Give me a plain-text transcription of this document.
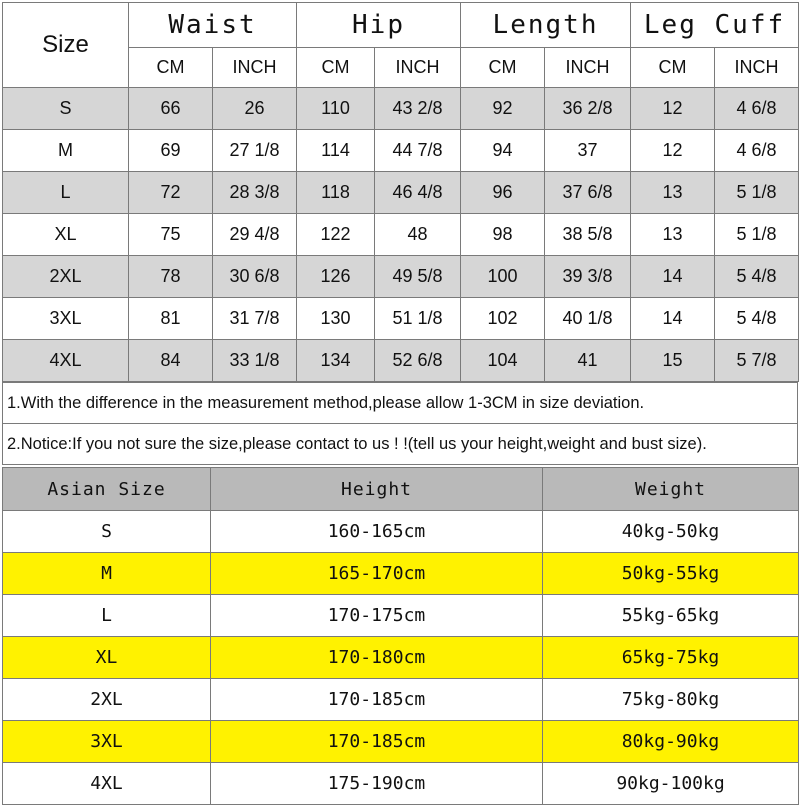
Size	Waist		Hip		Length		Leg Cuff	
	CM	INCH	CM	INCH	CM	INCH	CM	INCH
S	66	26	110	43 2/8	92	36 2/8	12	4 6/8
M	69	27 1/8	114	44 7/8	94	37	12	4 6/8
L	72	28 3/8	118	46 4/8	96	37 6/8	13	5 1/8
XL	75	29 4/8	122	48	98	38 5/8	13	5 1/8
2XL	78	30 6/8	126	49 5/8	100	39 3/8	14	5 4/8
3XL	81	31 7/8	130	51 1/8	102	40 1/8	14	5 4/8
4XL	84	33 1/8	134	52 6/8	104	41	15	5 7/8
1.With the difference in the measurement method,please allow 1-3CM in size deviation.
2.Notice:If you not sure the size,please contact to us ! !(tell us your height,weight and bust size).
Asian Size	Height	Weight
S	160-165cm	40kg-50kg
M	165-170cm	50kg-55kg
L	170-175cm	55kg-65kg
XL	170-180cm	65kg-75kg
2XL	170-185cm	75kg-80kg
3XL	170-185cm	80kg-90kg
4XL	175-190cm	90kg-100kg
